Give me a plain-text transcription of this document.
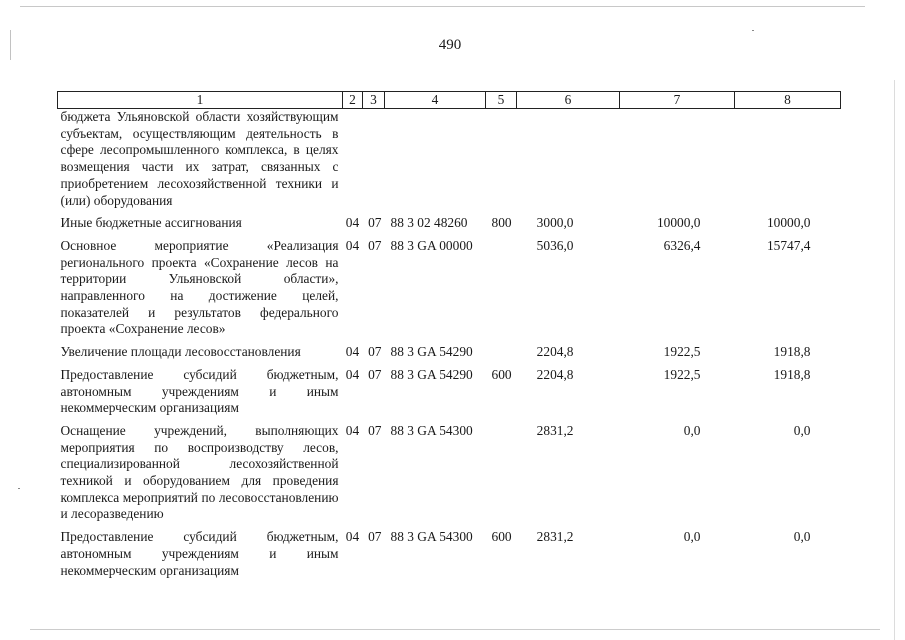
490
1	2	3	4	5	6	7	8
бюджета Ульяновской области хозяйствующим субъектам, осуществляющим деятельность в сфере лесопромышленного комплекса, в целях возмещения части их затрат, связанных с приобретением лесохозяйственной техники и (или) оборудования							
Иные бюджетные ассигнования	04	07	88 3 02 48260	800	3000,0	10000,0	10000,0
Основное мероприятие «Реализация регионального проекта «Сохранение лесов на территории Ульяновской области», направленного на достижение целей, показателей и результатов федерального проекта «Сохранение лесов»	04	07	88 3 GA 00000		5036,0	6326,4	15747,4
Увеличение площади лесовосстановления	04	07	88 3 GA 54290		2204,8	1922,5	1918,8
Предоставление субсидий бюджетным, автономным учреждениям и иным некоммерческим организациям	04	07	88 3 GA 54290	600	2204,8	1922,5	1918,8
Оснащение учреждений, выполняющих мероприятия по воспроизводству лесов, специализированной лесохозяйственной техникой и оборудованием для проведения комплекса мероприятий по лесовосстановлению и лесоразведению	04	07	88 3 GA 54300		2831,2	0,0	0,0
Предоставление субсидий бюджетным, автономным учреждениям и иным некоммерческим организациям	04	07	88 3 GA 54300	600	2831,2	0,0	0,0
